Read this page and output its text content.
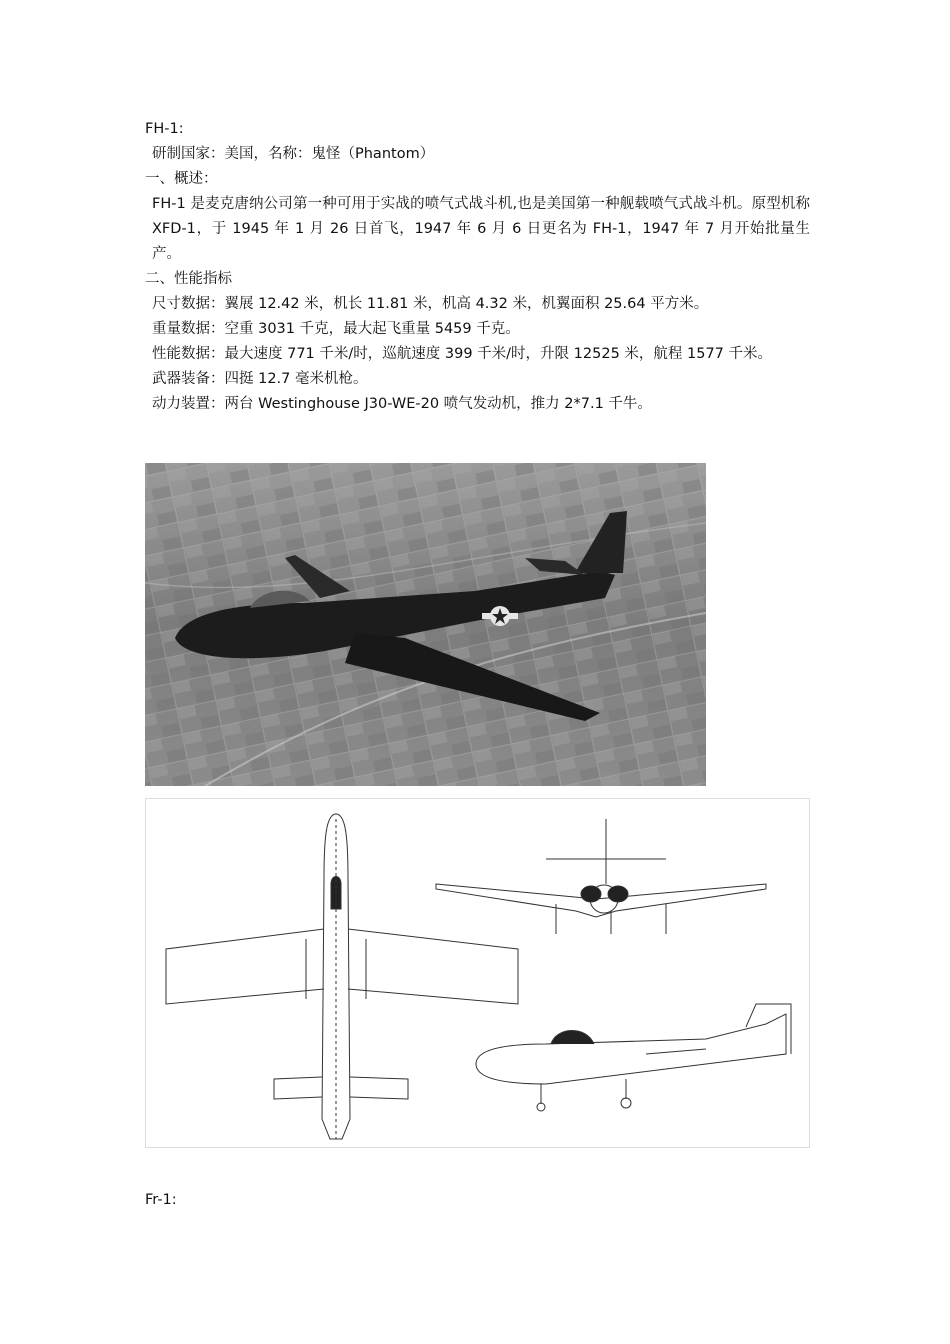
FH-1:

研制国家：美国，名称：鬼怪（Phantom）

一、概述：

FH-1 是麦克唐纳公司第一种可用于实战的喷气式战斗机,也是美国第一种舰载喷气式战斗机。原型机称 XFD-1，于 1945 年 1 月 26 日首飞，1947 年 6 月 6 日更名为 FH-1，1947 年 7 月开始批量生产。

二、性能指标

尺寸数据：翼展 12.42 米，机长 11.81 米，机高 4.32 米，机翼面积 25.64 平方米。

重量数据：空重 3031 千克，最大起飞重量 5459 千克。

性能数据：最大速度 771 千米/时，巡航速度 399 千米/时，升限 12525 米，航程 1577 千米。

武器装备：四挺 12.7 毫米机枪。

动力装置：两台 Westinghouse J30-WE-20 喷气发动机，推力 2*7.1 千牛。

Fr-1:
